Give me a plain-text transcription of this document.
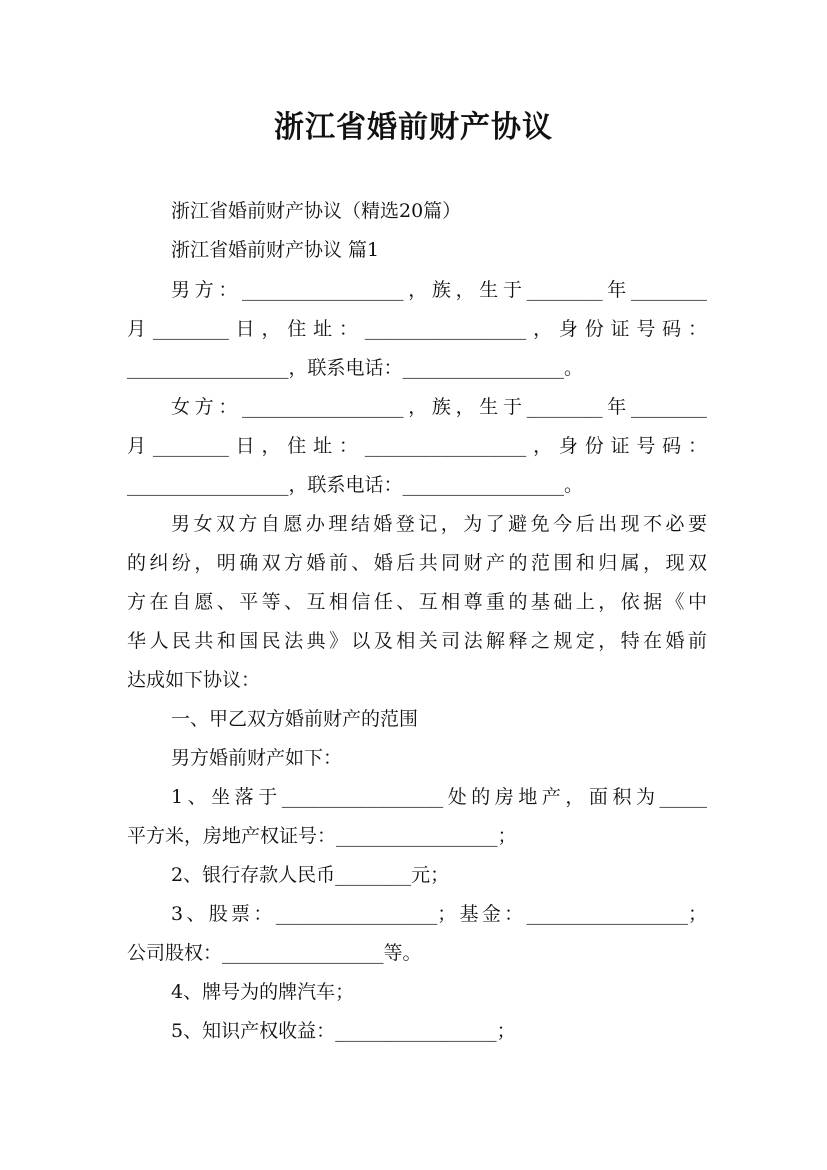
浙江省婚前财产协议
浙江省婚前财产协议（精选20篇）
浙江省婚前财产协议 篇1
男方：_________________，族，生于________年________
月________日，住址：_________________，身份证号码：
_________________，联系电话：_________________。
女方：_________________，族，生于________年________
月________日，住址：_________________，身份证号码：
_________________，联系电话：_________________。
男女双方自愿办理结婚登记，为了避免今后出现不必要
的纠纷，明确双方婚前、婚后共同财产的范围和归属，现双
方在自愿、平等、互相信任、互相尊重的基础上，依据《中
华人民共和国民法典》以及相关司法解释之规定，特在婚前
达成如下协议：
一、甲乙双方婚前财产的范围
男方婚前财产如下：
1、坐落于_________________处的房地产，面积为_____
平方米，房地产权证号：_________________；
2、银行存款人民币________元；
3、股票：_________________；基金：_________________；
公司股权：_________________等。
4、牌号为的牌汽车；
5、知识产权收益：_________________；
